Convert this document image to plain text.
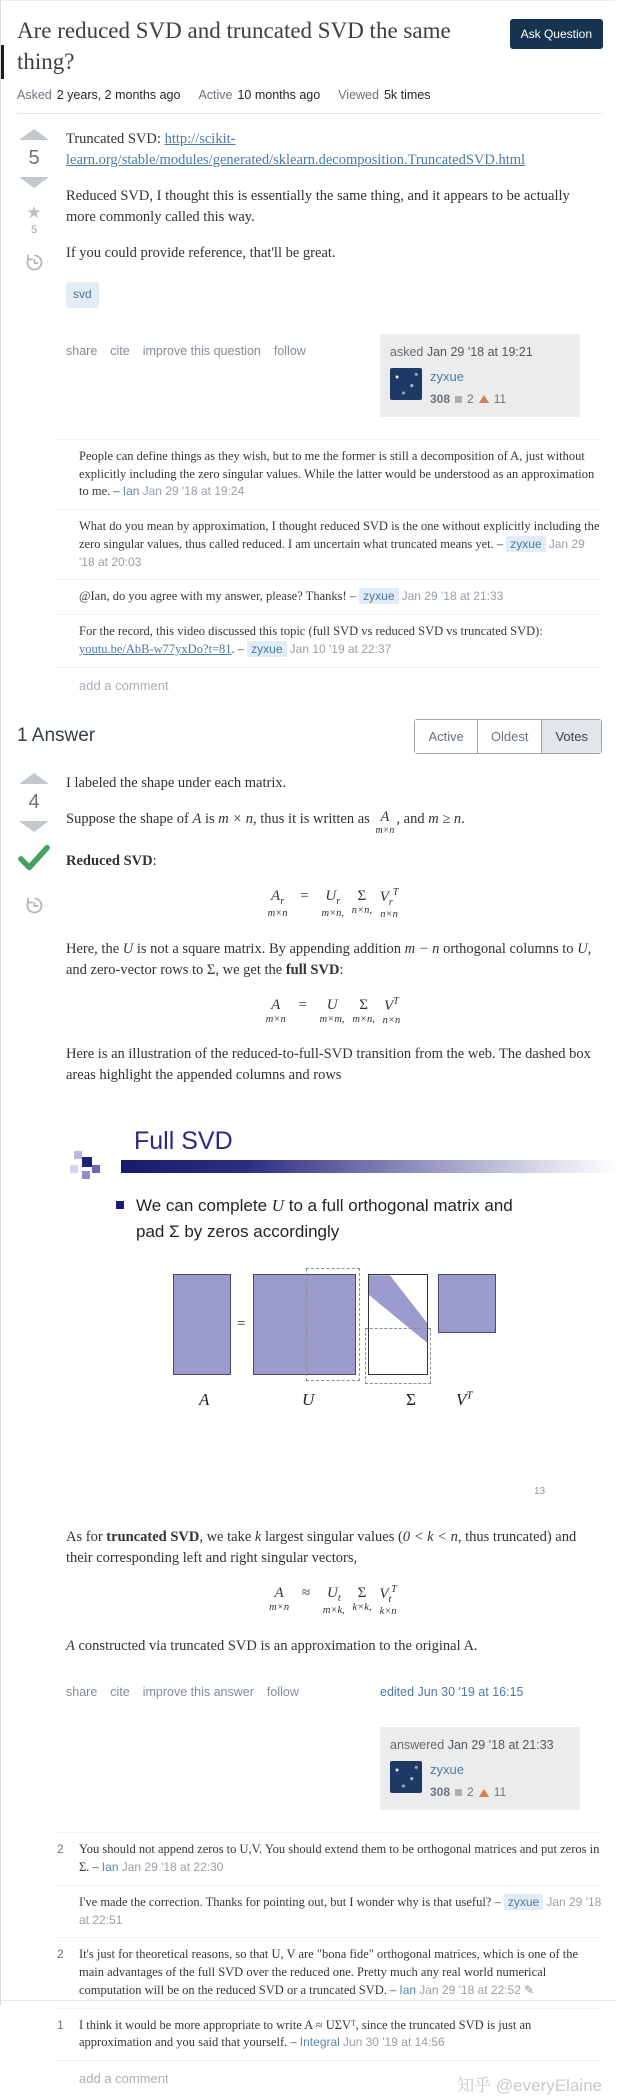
Are reduced SVD and truncated SVD the same thing?
Ask Question
Asked 2 years, 2 months ago Active 10 months ago Viewed 5k times
5
★
5

Truncated SVD: http://scikit-learn.org/stable/modules/generated/sklearn.decomposition.TruncatedSVD.html

Reduced SVD, I thought this is essentially the same thing, and it appears to be actually more commonly called this way.

If you could provide reference, that'll be great.

svd
share cite improve this question follow	asked Jan 29 '18 at 19:21
zyxue
308 2 11
People can define things as they wish, but to me the former is still a decomposition of A, just without explicitly including the zero singular values. While the latter would be understood as an approximation to me. – Ian Jan 29 '18 at 19:24
What do you mean by approximation, I thought reduced SVD is the one without explicitly including the zero singular values, thus called reduced. I am uncertain what truncated means yet. – zyxue Jan 29 '18 at 20:03
@Ian, do you agree with my answer, please? Thanks! – zyxue Jan 29 '18 at 21:33
For the record, this video discussed this topic (full SVD vs reduced SVD vs truncated SVD): youtu.be/AbB-w77yxDo?t=81. – zyxue Jan 10 '19 at 22:37
add a comment
1 Answer	Active	Oldest	Votes
4

I labeled the shape under each matrix.

Suppose the shape of A is m × n, thus it is written as A
m×n
, and m ≥ n.

Reduced SVD:

$A_r$
m×n
= $U_r$
m×n,

Σ
n×n,

$V_r^T$
n×n

Here, the U is not a square matrix. By appending addition m − n orthogonal columns to U, and zero-vector rows to Σ, we get the full SVD:

A
m×n
=	U
m×m,

Σ
m×n,

$V^T$
n×n

Here is an illustration of the reduced-to-full-SVD transition from the web. The dashed box areas highlight the appended columns and rows

Full SVD
We can complete U to a full orthogonal matrix and pad Σ by zeros accordingly
=
A	U	Σ $V^T$
13

As for truncated SVD, we take k largest singular values (0 < k < n, thus truncated) and their corresponding left and right singular vectors,

A
m×n
≈ $U_t$
m×k,

Σ
k×k,

$V_t^T$
k×n

A constructed via truncated SVD is an approximation to the original A.

share cite improve this answer follow	edited Jun 30 '19 at 16:15
answered Jan 29 '18 at 21:33
zyxue
308 2 11
2	You should not append zeros to U,V. You should extend them to be orthogonal matrices and put zeros in Σ. – Ian Jan 29 '18 at 22:30
I've made the correction. Thanks for pointing out, but I wonder why is that useful? – zyxue Jan 29 '18 at 22:51
2	It's just for theoretical reasons, so that U, V are "bona fide" orthogonal matrices, which is one of the main advantages of the full SVD over the reduced one. Pretty much any real world numerical computation will be on the reduced SVD or a truncated SVD. – Ian Jan 29 '18 at 22:52 ✎
1	I think it would be more appropriate to write A ≈ UΣVᵀ, since the truncated SVD is just an approximation and you said that yourself. – Integral Jun 30 '19 at 14:56
add a comment	知乎 @everyElaine
